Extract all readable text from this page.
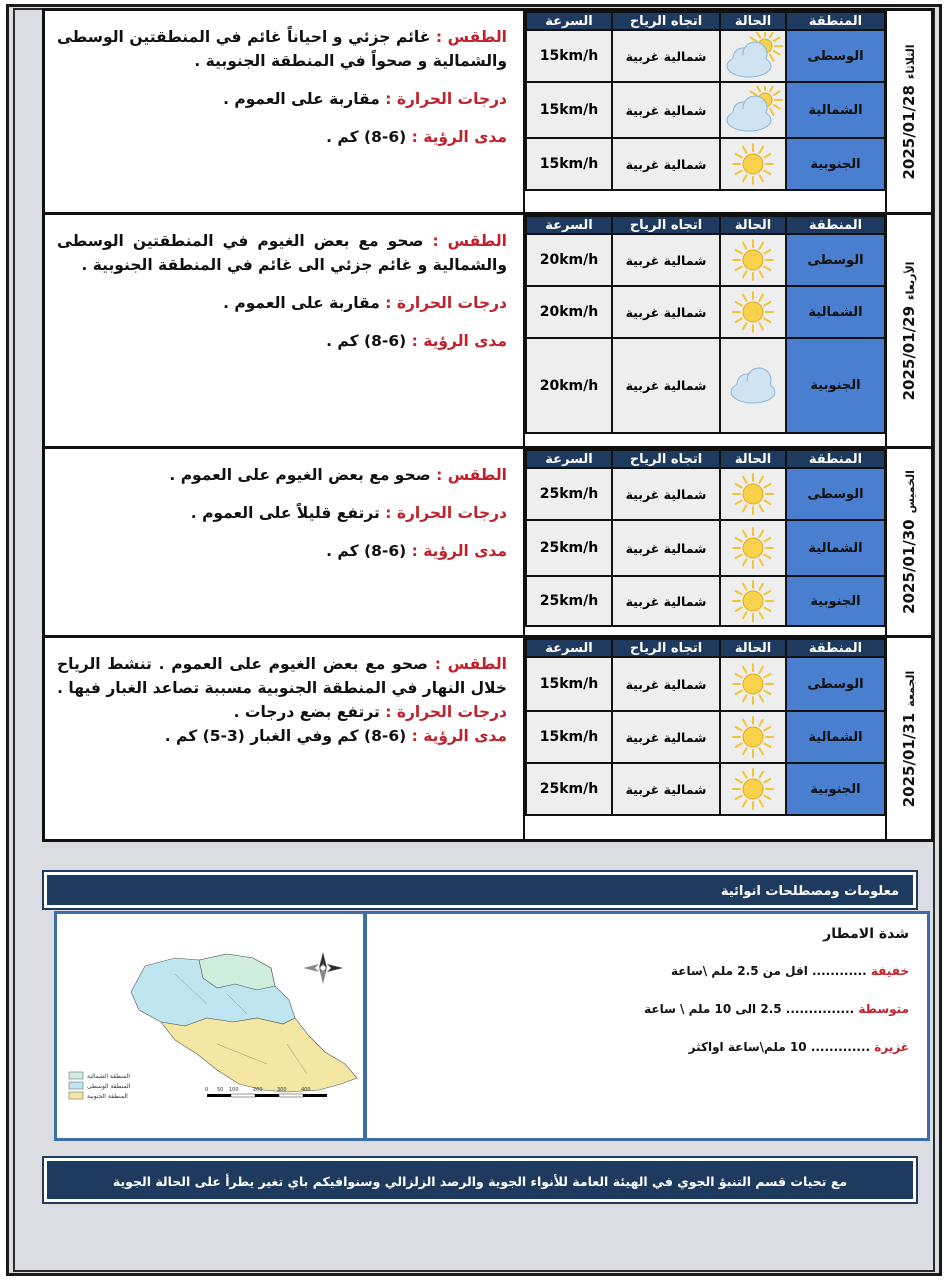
الطقس : غائم جزئي و احياناً غائم في المنطقتين الوسطى والشمالية و صحواً في المنطقة الجنوبية .

درجات الحرارة : مقاربة على العموم .

مدى الرؤية : (6-8) كم .

المنطقة	الحالة	اتجاه الرياح	السرعة
الوسطى		شمالية غربية	15km/h
الشمالية		شمالية غربية	15km/h
الجنوبية		شمالية غربية	15km/h
الثلاثاء2025/01/28

الطقس : صحو مع بعض الغيوم في المنطقتين الوسطى والشمالية و غائم جزئي الى غائم في المنطقة الجنوبية .

درجات الحرارة : مقاربة على العموم .

مدى الرؤية : (6-8) كم .

المنطقة	الحالة	اتجاه الرياح	السرعة
الوسطى		شمالية غربية	20km/h
الشمالية		شمالية غربية	20km/h
الجنوبية		شمالية غربية	20km/h
الأربعاء2025/01/29

الطقس : صحو مع بعض الغيوم على العموم .

درجات الحرارة : ترتفع قليلاً على العموم .

مدى الرؤية : (6-8) كم .

المنطقة	الحالة	اتجاه الرياح	السرعة
الوسطى		شمالية غربية	25km/h
الشمالية		شمالية غربية	25km/h
الجنوبية		شمالية غربية	25km/h
الخميس2025/01/30

الطقس : صحو مع بعض الغيوم على العموم . تنشط الرياح خلال النهار في المنطقة الجنوبية مسببة تصاعد الغبار فيها .

درجات الحرارة : ترتفع بضع درجات .

مدى الرؤية : (6-8) كم وفي الغبار (3-5) كم .

المنطقة	الحالة	اتجاه الرياح	السرعة
الوسطى		شمالية غربية	15km/h
الشمالية		شمالية غربية	15km/h
الجنوبية		شمالية غربية	25km/h
الجمعة2025/01/31
معلومات ومصطلحات انوائية
المنطقة الشمالية
المنطقة الوسطى
المنطقة الجنوبية
0 50 100	200	300	400
شدة الامطار
خفيفة ............ اقل من 2.5 ملم \ساعة
متوسطة ............... 2.5 الى 10 ملم \ ساعة
غزيرة ............. 10 ملم\ساعة اواكثر
مع تحيات قسم التنبؤ الجوي في الهيئة العامة للأنواء الجوية والرصد الزلزالي وسنوافيكم باي تغير يطرأ على الحالة الجوية
